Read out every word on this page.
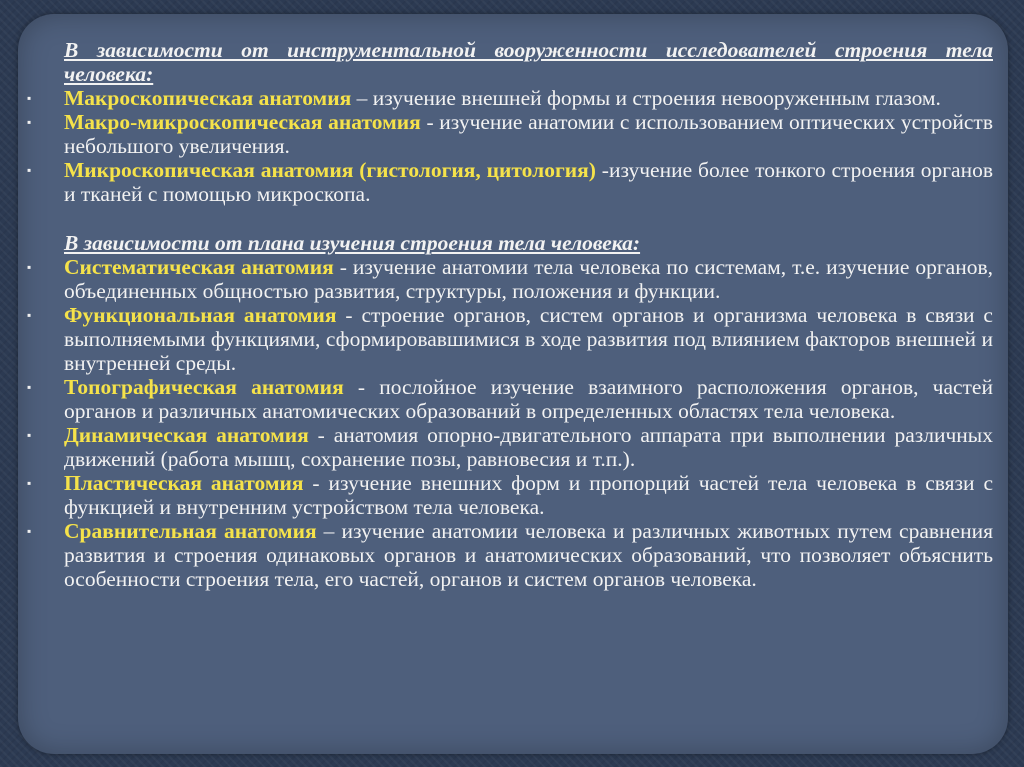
В зависимости от инструментальной вооруженности исследователей строения тела человека:
▪ Макроскопическая анатомия – изучение внешней формы и строения невооруженным глазом.
▪ Макро-микроскопическая анатомия - изучение анатомии с использованием оптических устройств небольшого увеличения.
▪ Микроскопическая анатомия (гистология, цитология) -изучение более тонкого строения органов и тканей с помощью микроскопа.
В зависимости от плана изучения строения тела человека:
▪ Систематическая анатомия - изучение анатомии тела человека по системам, т.е. изучение органов, объединенных общностью развития, структуры, положения и функции.
▪ Функциональная анатомия - строение органов, систем органов и организма человека в связи с выполняемыми функциями, сформировавшимися в ходе развития под влиянием факторов внешней и внутренней среды.
▪ Топографическая анатомия - послойное изучение взаимного расположения органов, частей органов и различных анатомических образований в определенных областях тела человека.
▪ Динамическая анатомия - анатомия опорно-двигательного аппарата при выполнении различных движений (работа мышц, сохранение позы, равновесия и т.п.).
▪ Пластическая анатомия - изучение внешних форм и пропорций частей тела человека в связи с функцией и внутренним устройством тела человека.
▪ Сравнительная анатомия – изучение анатомии человека и различных животных путем сравнения развития и строения одинаковых органов и анатомических образований, что позволяет объяснить особенности строения тела, его частей, органов и систем органов человека.
